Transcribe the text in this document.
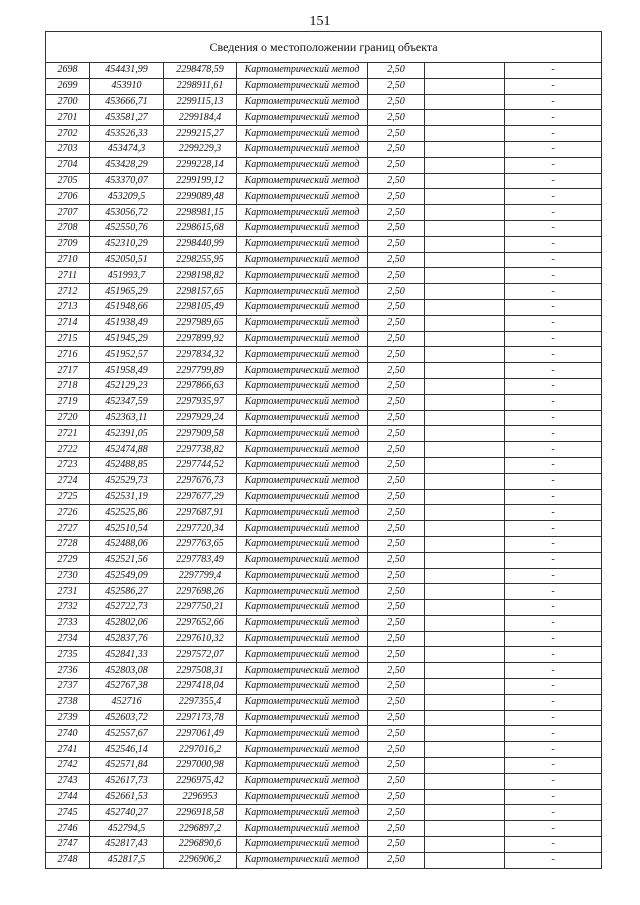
151
Сведения о местоположении границ объекта						
2698	454431,99	2298478,59	Картометрический метод	2,50		-
2699	453910	2298911,61	Картометрический метод	2,50		-
2700	453666,71	2299115,13	Картометрический метод	2,50		-
2701	453581,27	2299184,4	Картометрический метод	2,50		-
2702	453526,33	2299215,27	Картометрический метод	2,50		-
2703	453474,3	2299229,3	Картометрический метод	2,50		-
2704	453428,29	2299228,14	Картометрический метод	2,50		-
2705	453370,07	2299199,12	Картометрический метод	2,50		-
2706	453209,5	2299089,48	Картометрический метод	2,50		-
2707	453056,72	2298981,15	Картометрический метод	2,50		-
2708	452550,76	2298615,68	Картометрический метод	2,50		-
2709	452310,29	2298440,99	Картометрический метод	2,50		-
2710	452050,51	2298255,95	Картометрический метод	2,50		-
2711	451993,7	2298198,82	Картометрический метод	2,50		-
2712	451965,29	2298157,65	Картометрический метод	2,50		-
2713	451948,66	2298105,49	Картометрический метод	2,50		-
2714	451938,49	2297989,65	Картометрический метод	2,50		-
2715	451945,29	2297899,92	Картометрический метод	2,50		-
2716	451952,57	2297834,32	Картометрический метод	2,50		-
2717	451958,49	2297799,89	Картометрический метод	2,50		-
2718	452129,23	2297866,63	Картометрический метод	2,50		-
2719	452347,59	2297935,97	Картометрический метод	2,50		-
2720	452363,11	2297929,24	Картометрический метод	2,50		-
2721	452391,05	2297909,58	Картометрический метод	2,50		-
2722	452474,88	2297738,82	Картометрический метод	2,50		-
2723	452488,85	2297744,52	Картометрический метод	2,50		-
2724	452529,73	2297676,73	Картометрический метод	2,50		-
2725	452531,19	2297677,29	Картометрический метод	2,50		-
2726	452525,86	2297687,91	Картометрический метод	2,50		-
2727	452510,54	2297720,34	Картометрический метод	2,50		-
2728	452488,06	2297763,65	Картометрический метод	2,50		-
2729	452521,56	2297783,49	Картометрический метод	2,50		-
2730	452549,09	2297799,4	Картометрический метод	2,50		-
2731	452586,27	2297698,26	Картометрический метод	2,50		-
2732	452722,73	2297750,21	Картометрический метод	2,50		-
2733	452802,06	2297652,66	Картометрический метод	2,50		-
2734	452837,76	2297610,32	Картометрический метод	2,50		-
2735	452841,33	2297572,07	Картометрический метод	2,50		-
2736	452803,08	2297508,31	Картометрический метод	2,50		-
2737	452767,38	2297418,04	Картометрический метод	2,50		-
2738	452716	2297355,4	Картометрический метод	2,50		-
2739	452603,72	2297173,78	Картометрический метод	2,50		-
2740	452557,67	2297061,49	Картометрический метод	2,50		-
2741	452546,14	2297016,2	Картометрический метод	2,50		-
2742	452571,84	2297000,98	Картометрический метод	2,50		-
2743	452617,73	2296975,42	Картометрический метод	2,50		-
2744	452661,53	2296953	Картометрический метод	2,50		-
2745	452740,27	2296918,58	Картометрический метод	2,50		-
2746	452794,5	2296897,2	Картометрический метод	2,50		-
2747	452817,43	2296890,6	Картометрический метод	2,50		-
2748	452817,5	2296906,2	Картометрический метод	2,50		-
